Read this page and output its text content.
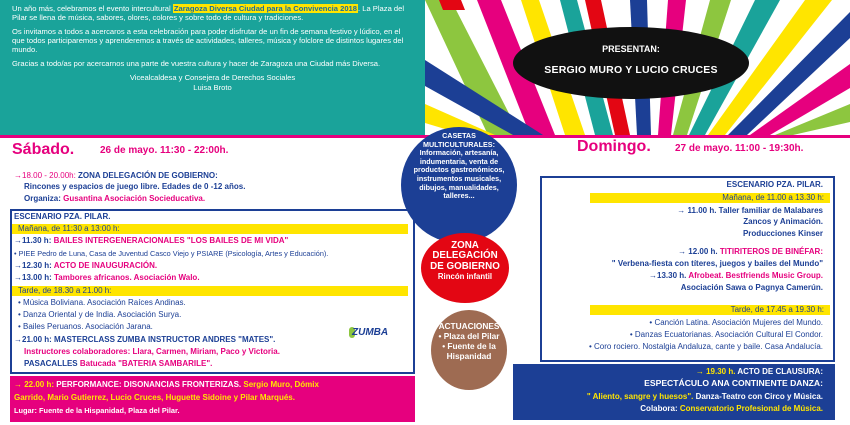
Un año más, celebramos el evento intercultural Zaragoza Diversa Ciudad para la Convivencia 2018. La Plaza del Pilar se llena de música, sabores, olores, colores y sobre todo de cultura y tradiciones.

Os invitamos a todos a acercaros a esta celebración para poder disfrutar de un fin de semana festivo y lúdico, en el que todos participaremos y aprenderemos a través de actividades, talleres, música y folclore de distintos lugares del mundo.

Gracias a todo/as por acercarnos una parte de vuestra cultura y hacer de Zaragoza una Ciudad más Diversa.

Vicealcaldesa y Consejera de Derechos Sociales
Luisa Broto
PRESENTAN:
SERGIO MURO Y LUCIO CRUCES
Sábado.	26 de mayo. 11:30 - 22:00h.	Domingo. 27 de mayo. 11:00 - 19:30h.
→18.00 - 20.00h: ZONA DELEGACIÓN DE GOBIERNO:
Rincones y espacios de juego libre. Edades de 0 -12 años.
Organiza: Gusantina Asociación Socieducativa.
ESCENARIO PZA. PILAR.
Mañana, de 11:30 a 13:00 h:
→11.30 h: BAILES INTERGENERACIONALES "LOS BAILES DE MI VIDA"
• PIEE Pedro de Luna, Casa de Juventud Casco Viejo y PSIARE (Psicología, Artes y Educación).
→12.30 h: ACTO DE INAUGURACIÓN.
→13.00 h: Tambores africanos. Asociación Walo.
Tarde, de 18.30 a 21.00 h:
• Música Boliviana. Asociación Raíces Andinas.
• Danza Oriental y de India. Asociación Surya.
• Bailes Peruanos. Asociación Jarana.
→21.00 h: MASTERCLASS ZUMBA INSTRUCTOR ANDRES "MATES".
Instructores colaboradores: Llara, Carmen, Miriam, Paco y Victoria.
PASACALLES Batucada "BATERIA SAMBARILE".
ZUMBA
→ 22.00 h: PERFORMANCE: DISONANCIAS FRONTERIZAS. Sergio Muro, Dómix
Garrido, Mario Gutierrez, Lucio Cruces, Huguette Sidoine y Pilar Marqués.
Lugar: Fuente de la Hispanidad, Plaza del Pilar.
ESCENARIO PZA. PILAR.
Mañana, de 11.00 a 13.30 h:
→ 11.00 h. Taller familiar de Malabares
Zancos y Animación.
Producciones Kinser
→ 12.00 h. TITIRITEROS DE BINÉFAR:
" Verbena-fiesta con títeres, juegos y bailes del Mundo"
→13.30 h. Afrobeat. Bestfriends Music Group.
Asociación Sawa o Pagnya Camerún.
Tarde, de 17.45 a 19.30 h:
• Canción Latina. Asociación Mujeres del Mundo.
• Danzas Ecuatorianas. Asociación Cultural El Condor.
• Coro rociero. Nostalgia Andaluza, cante y baile. Casa Andalucía.
→ 19.30 h. ACTO DE CLAUSURA:
ESPECTÁCULO ANA CONTINENTE DANZA:
" Aliento, sangre y huesos". Danza-Teatro con Circo y Música.
Colabora: Conservatorio Profesional de Música.
CASETAS MULTICULTURALES:
Información, artesanía, indumentaria, venta de productos gastronómicos, instrumentos musicales, dibujos, manualidades, talleres...
ZONA DELEGACIÓN DE GOBIERNO
Rincón infantil
ACTUACIONES
• Plaza del Pilar
• Fuente de la Hispanidad
